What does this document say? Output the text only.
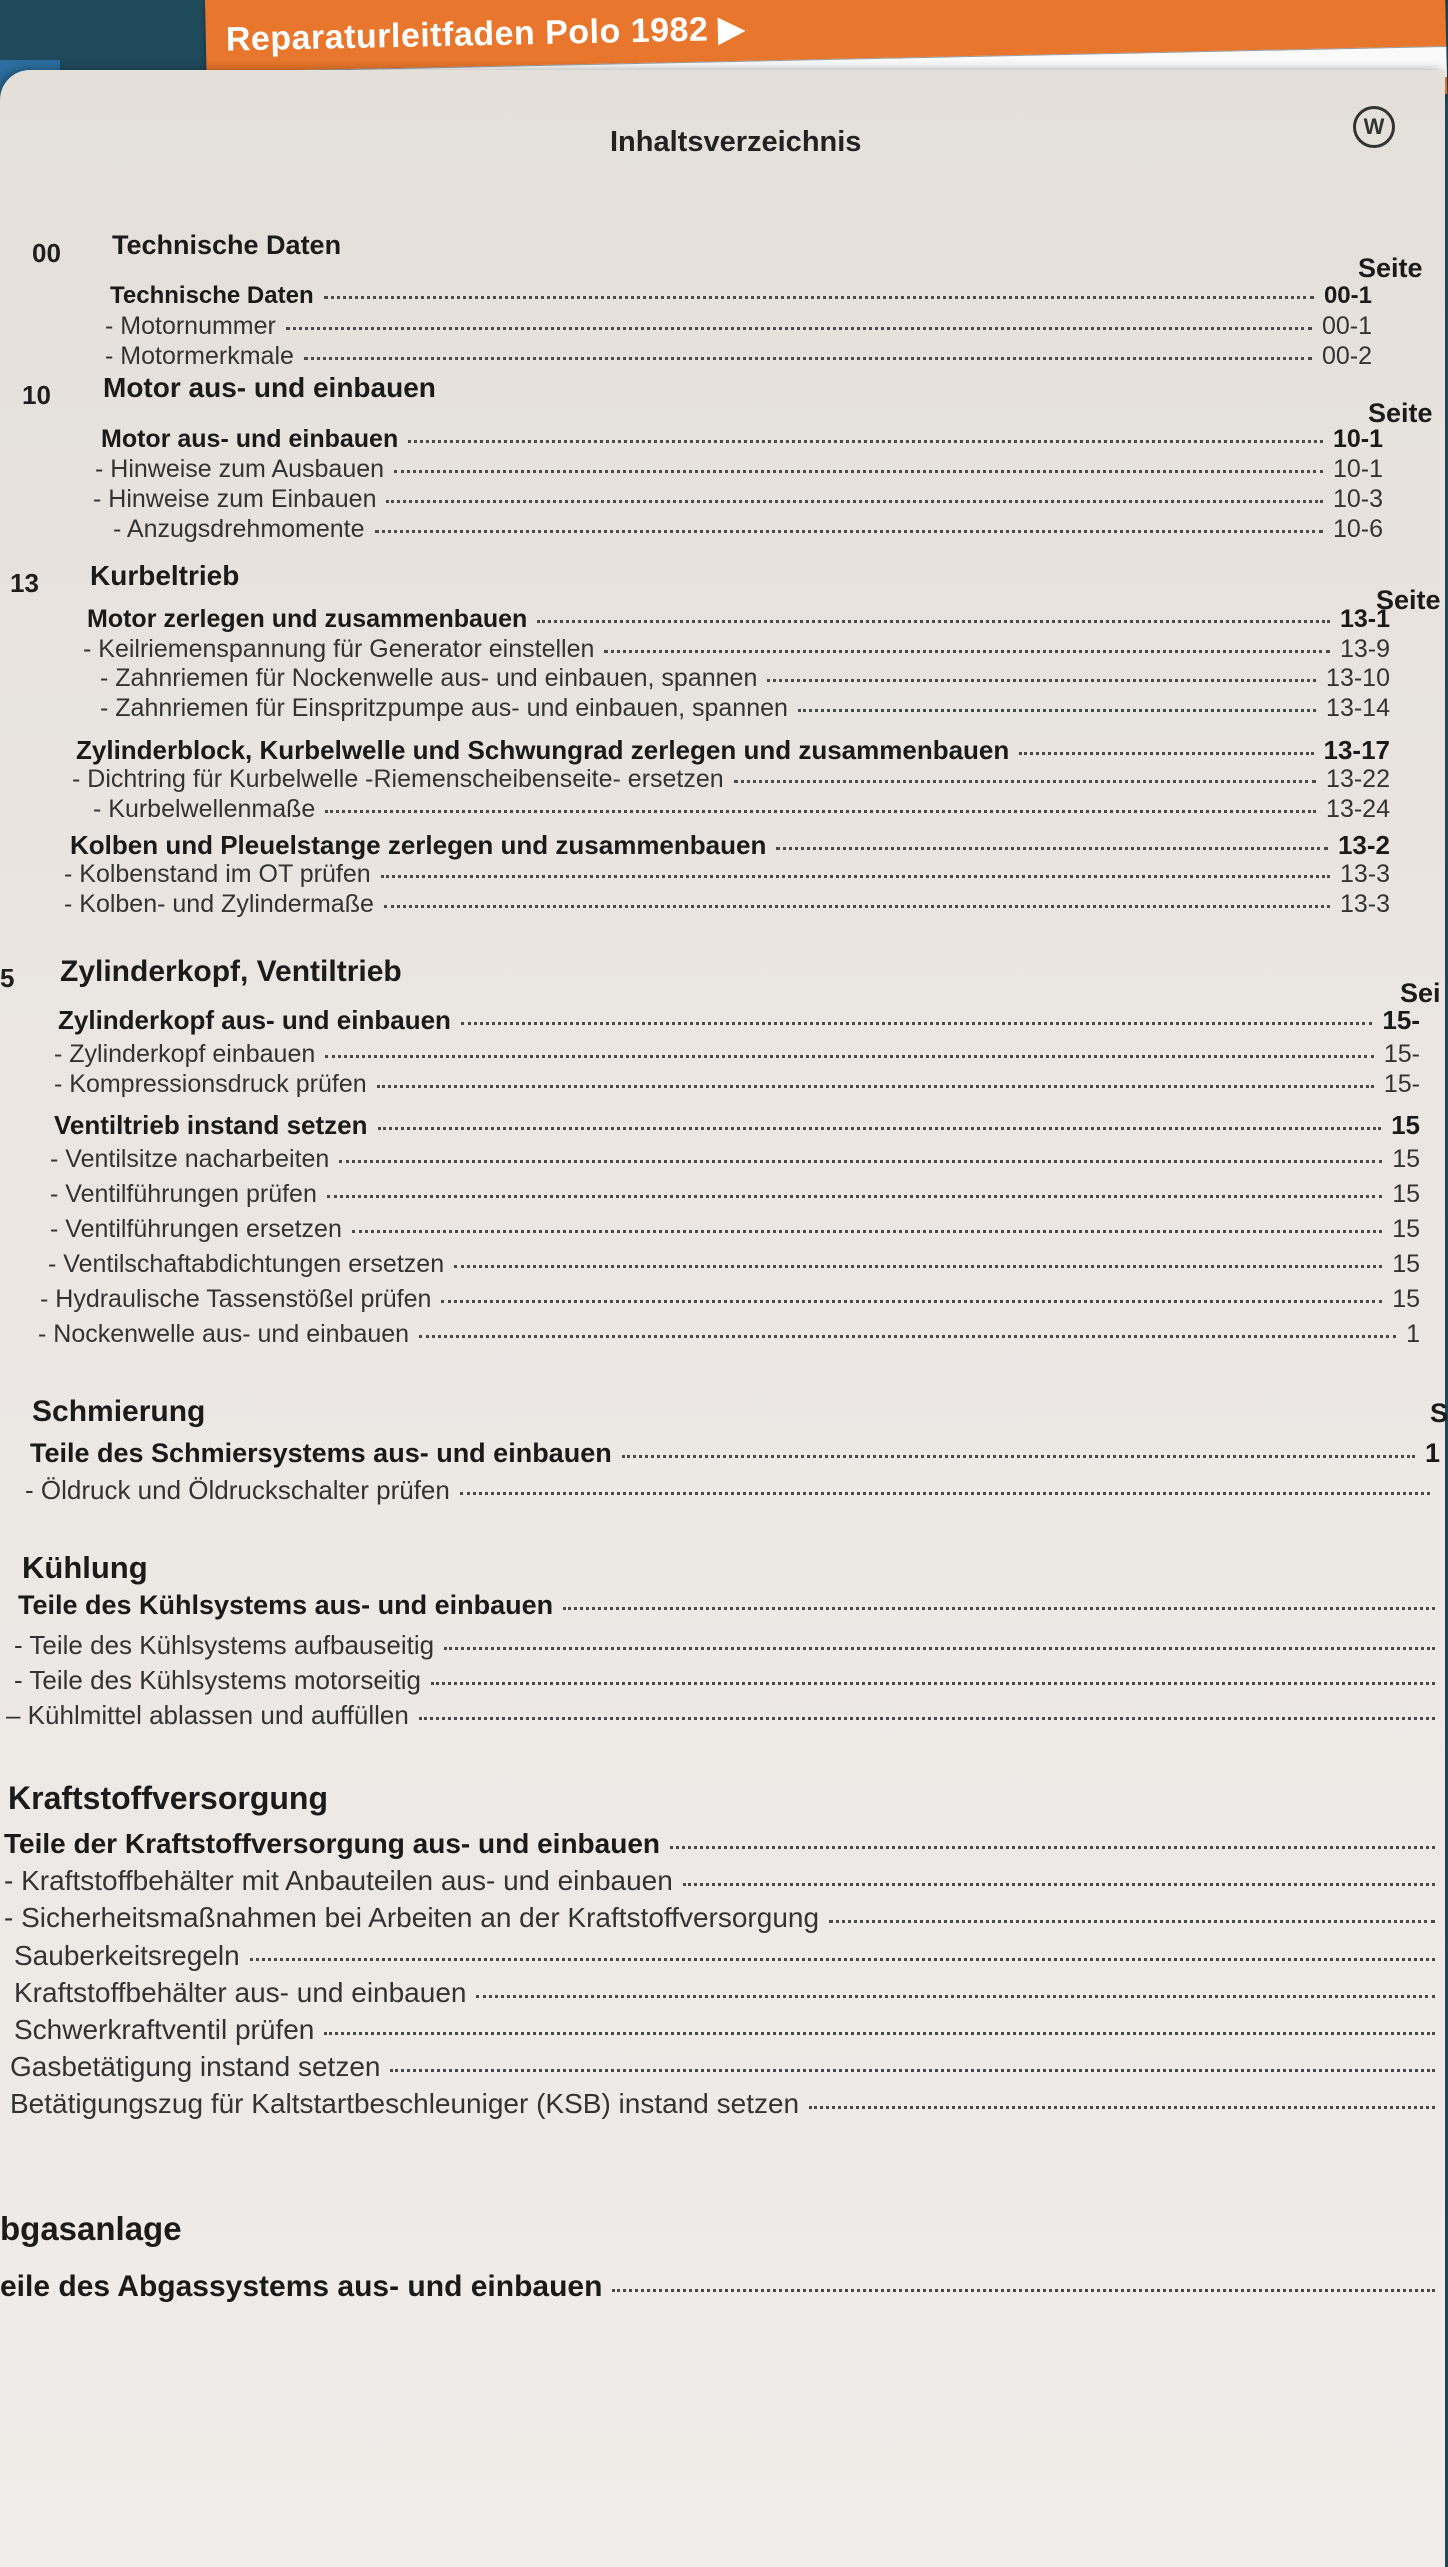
Reparaturleitfaden Polo 1982 ▶
W
Inhaltsverzeichnis
00 Technische Daten
Seite
Technische Daten	00-1
- Motornummer	00-1
- Motormerkmale	00-2
10 Motor aus- und einbauen
Seite
Motor aus- und einbauen	10-1
- Hinweise zum Ausbauen	10-1
- Hinweise zum Einbauen	10-3
- Anzugsdrehmomente	10-6
13 Kurbeltrieb
Seite
Motor zerlegen und zusammenbauen	13-1
- Keilriemenspannung für Generator einstellen	13-9
- Zahnriemen für Nockenwelle aus- und einbauen, spannen	13-10
- Zahnriemen für Einspritzpumpe aus- und einbauen, spannen	13-14
Zylinderblock, Kurbelwelle und Schwungrad zerlegen und zusammenbauen	13-17
- Dichtring für Kurbelwelle -Riemenscheibenseite- ersetzen	13-22
- Kurbelwellenmaße	13-24
Kolben und Pleuelstange zerlegen und zusammenbauen	13-2
- Kolbenstand im OT prüfen	13-3
- Kolben- und Zylindermaße	13-3
5 Zylinderkopf, Ventiltrieb
Sei
Zylinderkopf aus- und einbauen	15-
- Zylinderkopf einbauen	15-
- Kompressionsdruck prüfen	15-
Ventiltrieb instand setzen	15
- Ventilsitze nacharbeiten	15
- Ventilführungen prüfen	15
- Ventilführungen ersetzen	15
- Ventilschaftabdichtungen ersetzen	15
- Hydraulische Tassenstößel prüfen	15
- Nockenwelle aus- und einbauen	1
Schmierung	S
Teile des Schmiersystems aus- und einbauen	1
- Öldruck und Öldruckschalter prüfen
Kühlung
Teile des Kühlsystems aus- und einbauen
- Teile des Kühlsystems aufbauseitig
- Teile des Kühlsystems motorseitig
– Kühlmittel ablassen und auffüllen
Kraftstoffversorgung
Teile der Kraftstoffversorgung aus- und einbauen
- Kraftstoffbehälter mit Anbauteilen aus- und einbauen
- Sicherheitsmaßnahmen bei Arbeiten an der Kraftstoffversorgung
Sauberkeitsregeln
Kraftstoffbehälter aus- und einbauen
Schwerkraftventil prüfen
Gasbetätigung instand setzen
Betätigungszug für Kaltstartbeschleuniger (KSB) instand setzen
bgasanlage
eile des Abgassystems aus- und einbauen
